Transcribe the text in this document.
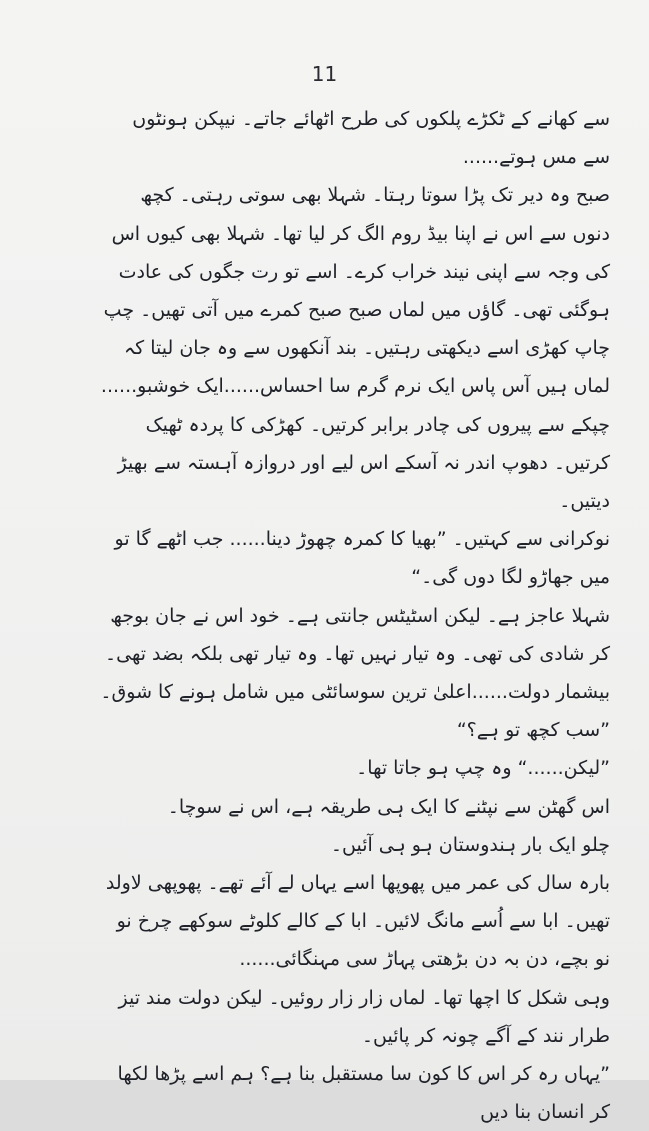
11

سے کھانے کے ٹکڑے پلکوں کی طرح اٹھائے جاتے۔ نیپکن ہونٹوں سے مس ہوتے......

صبح وہ دیر تک پڑا سوتا رہتا۔ شہلا بھی سوتی رہتی۔ کچھ دنوں سے اس نے اپنا بیڈ روم الگ کر لیا تھا۔ شہلا بھی کیوں اس کی وجہ سے اپنی نیند خراب کرے۔ اسے تو رت جگوں کی عادت ہوگئی تھی۔ گاؤں میں لماں صبح صبح کمرے میں آتی تھیں۔ چپ چاپ کھڑی اسے دیکھتی رہتیں۔ بند آنکھوں سے وہ جان لیتا کہ لماں ہیں آس پاس ایک نرم گرم سا احساس......ایک خوشبو......

چپکے سے پیروں کی چادر برابر کرتیں۔ کھڑکی کا پردہ ٹھیک کرتیں۔ دھوپ اندر نہ آسکے اس لیے اور دروازہ آہستہ سے بھیڑ دیتیں۔

نوکرانی سے کہتیں۔ ”بھیا کا کمرہ چھوڑ دینا...... جب اٹھے گا تو میں جھاڑو لگا دوں گی۔“

شہلا عاجز ہے۔ لیکن اسٹیٹس جانتی ہے۔ خود اس نے جان بوجھ کر شادی کی تھی۔ وہ تیار نہیں تھا۔ وہ تیار تھی بلکہ بضد تھی۔ بیشمار دولت......اعلیٰ ترین سوسائٹی میں شامل ہونے کا شوق۔

”سب کچھ تو ہے؟“

”لیکن......“ وہ چپ ہو جاتا تھا۔

اس گھٹن سے نپٹنے کا ایک ہی طریقہ ہے، اس نے سوچا۔

چلو ایک بار ہندوستان ہو ہی آئیں۔

بارہ سال کی عمر میں پھوپھا اسے یہاں لے آئے تھے۔ پھوپھی لاولد تھیں۔ ابا سے اُسے مانگ لائیں۔ ابا کے کالے کلوٹے سوکھے چرخ نو نو بچے، دن بہ دن بڑھتی پہاڑ سی مہنگائی......

وہی شکل کا اچھا تھا۔ لماں زار زار روئیں۔ لیکن دولت مند تیز طرار نند کے آگے چونہ کر پائیں۔

”یہاں رہ کر اس کا کون سا مستقبل بنا ہے؟ ہم اسے پڑھا لکھا کر انسان بنا دیں
